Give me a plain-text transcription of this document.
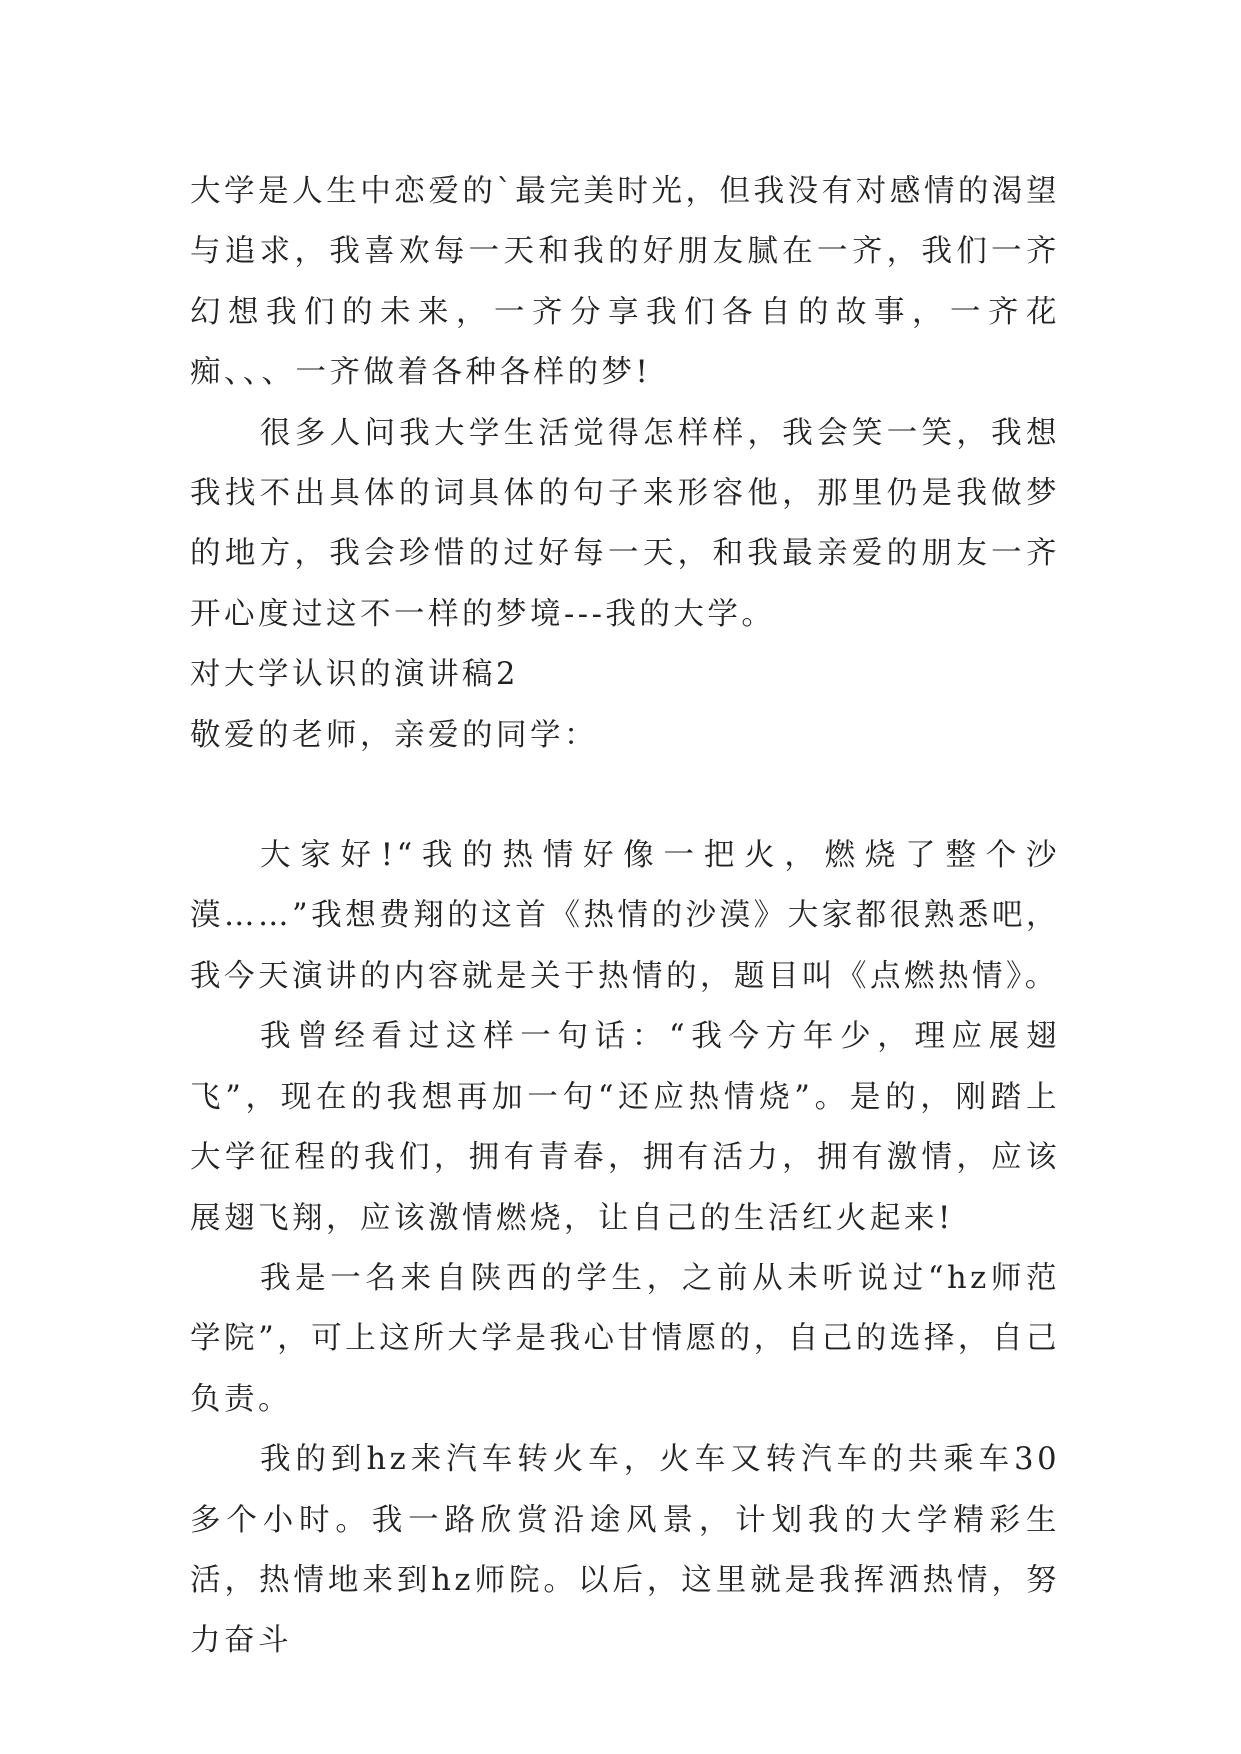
大学是人生中恋爱的`最完美时光，但我没有对感情的渴望与追求，我喜欢每一天和我的好朋友腻在一齐，我们一齐幻想我们的未来，一齐分享我们各自的故事，一齐花痴、、、一齐做着各种各样的梦!

很多人问我大学生活觉得怎样样，我会笑一笑，我想我找不出具体的词具体的句子来形容他，那里仍是我做梦的地方，我会珍惜的过好每一天，和我最亲爱的朋友一齐开心度过这不一样的梦境---我的大学。

对大学认识的演讲稿2

敬爱的老师，亲爱的同学：

大家好!“我的热情好像一把火，燃烧了整个沙漠……”我想费翔的这首《热情的沙漠》大家都很熟悉吧，我今天演讲的内容就是关于热情的，题目叫《点燃热情》。

我曾经看过这样一句话：“我今方年少，理应展翅飞”，现在的我想再加一句“还应热情烧”。是的，刚踏上大学征程的我们，拥有青春，拥有活力，拥有激情，应该展翅飞翔，应该激情燃烧，让自己的生活红火起来!

我是一名来自陕西的学生，之前从未听说过“hz师范学院”，可上这所大学是我心甘情愿的，自己的选择，自己负责。

我的到hz来汽车转火车，火车又转汽车的共乘车30多个小时。我一路欣赏沿途风景，计划我的大学精彩生活，热情地来到hz师院。以后，这里就是我挥洒热情，努力奋斗
